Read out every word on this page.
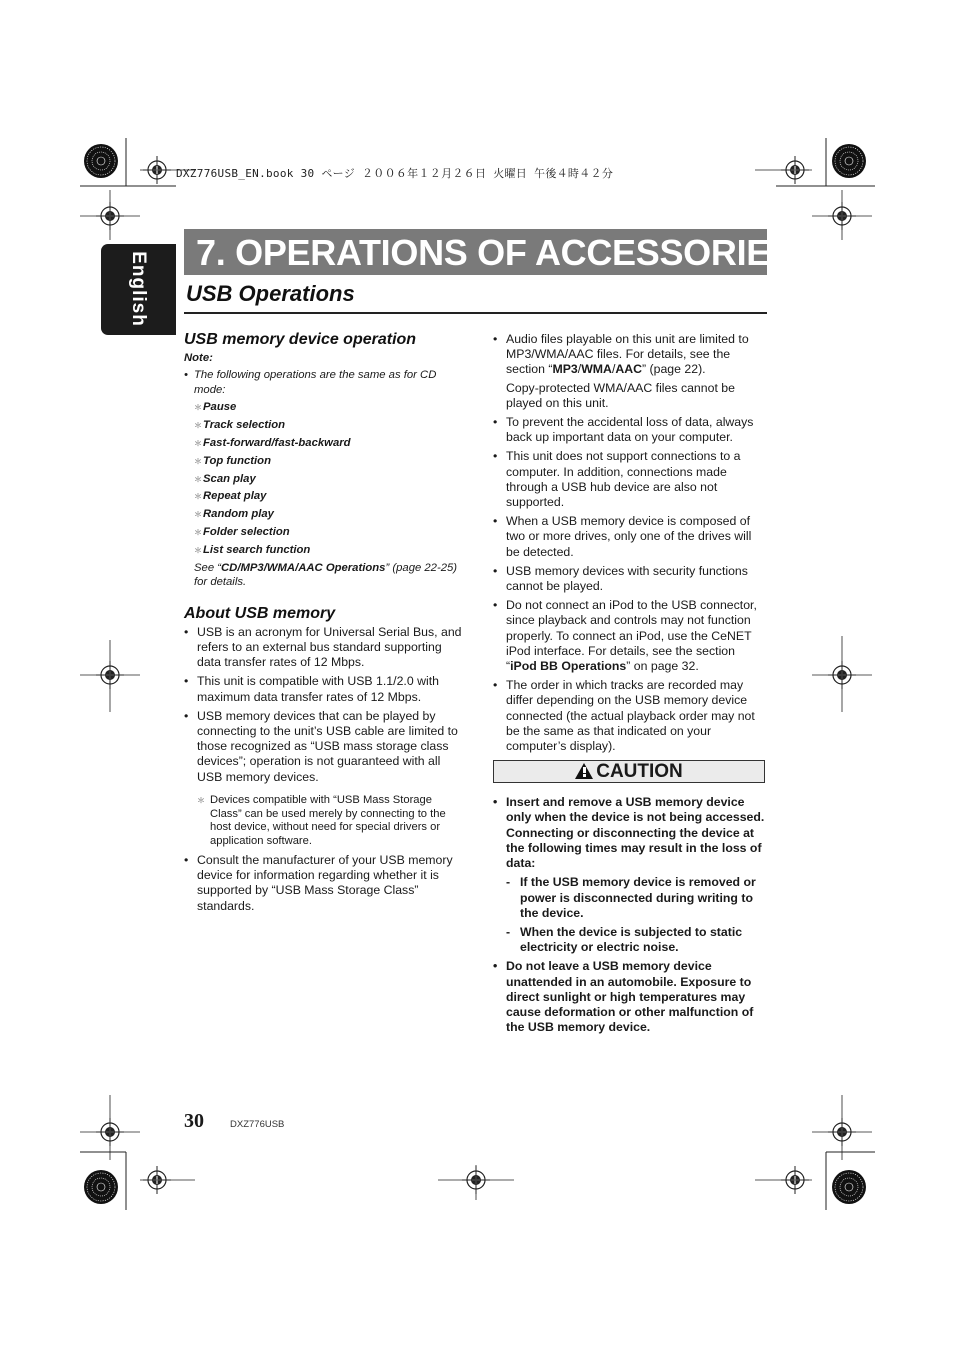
DXZ776USB_EN.book 30 ページ ２００６年１２月２６日 火曜日 午後４時４２分
English 7. OPERATIONS OF ACCESSORIES
USB Operations
USB memory device operation
Note:
• The following operations are the same as for CD mode:
＊Pause
＊Track selection
＊Fast-forward/fast-backward
＊Top function
＊Scan play
＊Repeat play
＊Random play
＊Folder selection
＊List search function
See “CD/MP3/WMA/AAC Operations” (page 22-25) for details.
About USB memory
• USB is an acronym for Universal Serial Bus, and refers to an external bus standard supporting data transfer rates of 12 Mbps.
• This unit is compatible with USB 1.1/2.0 with maximum data transfer rates of 12 Mbps.
• USB memory devices that can be played by connecting to the unit’s USB cable are limited to those recognized as “USB mass storage class devices”; operation is not guaranteed with all USB memory devices.
＊ Devices compatible with “USB Mass Storage Class” can be used merely by connecting to the host device, without need for special drivers or application software.
• Consult the manufacturer of your USB memory device for information regarding whether it is supported by “USB Mass Storage Class” standards.
• Audio files playable on this unit are limited to MP3/WMA/AAC files. For details, see the section “MP3/WMA/AAC” (page 22).

Copy-protected WMA/AAC files cannot be played on this unit.

• To prevent the accidental loss of data, always back up important data on your computer.
• This unit does not support connections to a computer. In addition, connections made through a USB hub device are also not supported.
• When a USB memory device is composed of two or more drives, only one of the drives will be detected.
• USB memory devices with security functions cannot be played.
• Do not connect an iPod to the USB connector, since playback and controls may not function properly. To connect an iPod, use the CeNET iPod interface. For details, see the section “iPod BB Operations” on page 32.
• The order in which tracks are recorded may differ depending on the USB memory device connected (the actual playback order may not be the same as that indicated on your computer’s display).
CAUTION
• Insert and remove a USB memory device only when the device is not being accessed. Connecting or disconnecting the device at the following times may result in the loss of data:
- If the USB memory device is removed or power is disconnected during writing to the device.
- When the device is subjected to static electricity or electric noise.
• Do not leave a USB memory device unattended in an automobile. Exposure to direct sunlight or high temperatures may cause deformation or other malfunction of the USB memory device.
30	DXZ776USB
